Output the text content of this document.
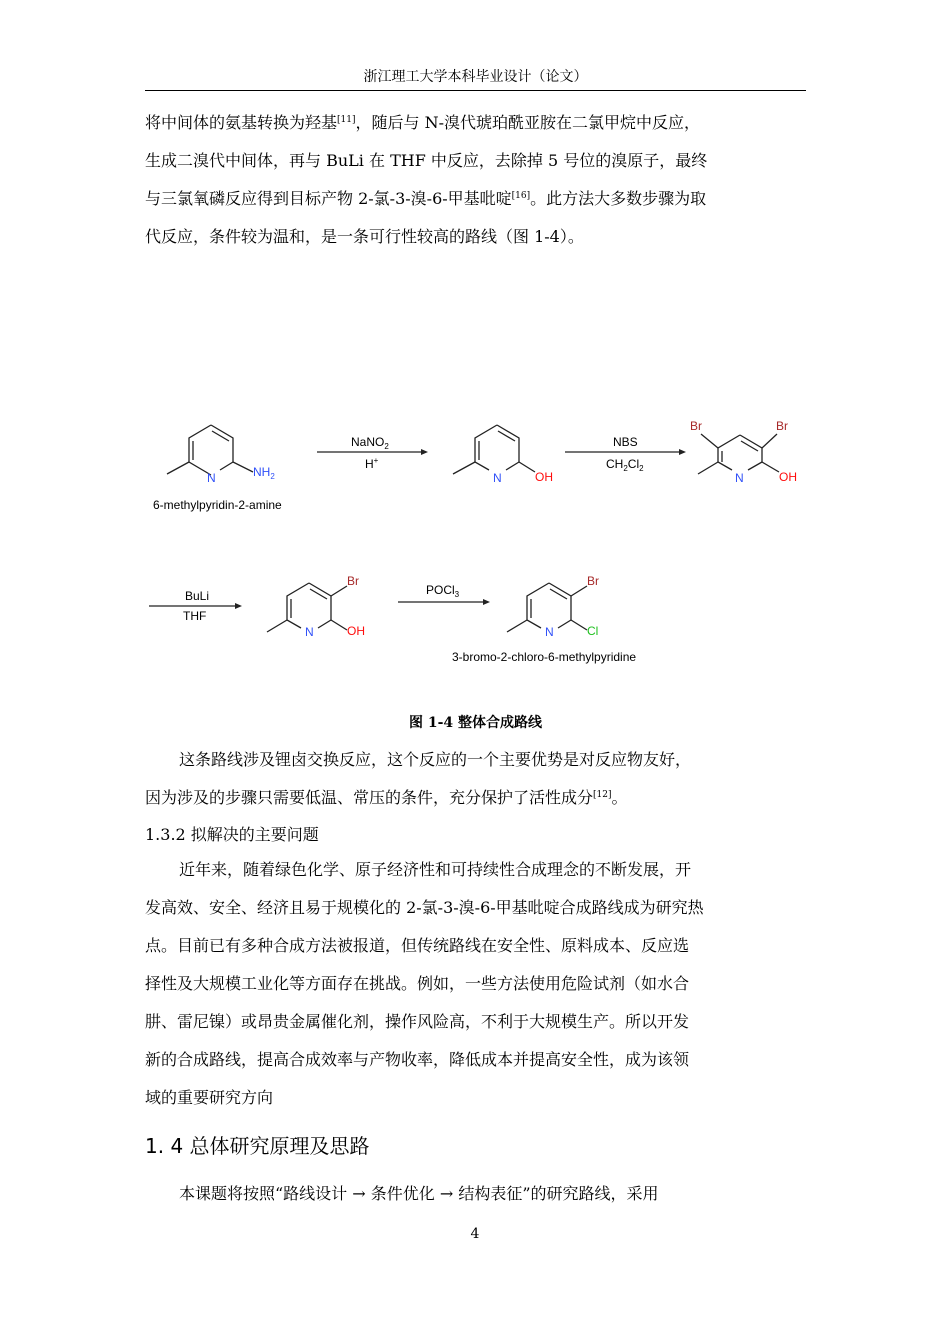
浙江理工大学本科毕业设计（论文）
将中间体的氨基转换为羟基[11]，随后与 N-溴代琥珀酰亚胺在二氯甲烷中反应，
生成二溴代中间体，再与 BuLi 在 THF 中反应，去除掉 5 号位的溴原子，最终
与三氯氧磷反应得到目标产物 2-氯-3-溴-6-甲基吡啶[16]。此方法大多数步骤为取
代反应，条件较为温和，是一条可行性较高的路线（图 1-4）。
N	$NH_2$	N	OH	N	OH
Br	Br
N	OH
Br
N	Cl
Br
NaNO$_2$
H+
NBS
$CH_2Cl_2$
BuLi
THF
POCl$_3$
6-methylpyridin-2-amine
3-bromo-2-chloro-6-methylpyridine
图 1-4 整体合成路线
这条路线涉及锂卤交换反应，这个反应的一个主要优势是对反应物友好，
因为涉及的步骤只需要低温、常压的条件，充分保护了活性成分[12]。
1.3.2 拟解决的主要问题
近年来，随着绿色化学、原子经济性和可持续性合成理念的不断发展，开
发高效、安全、经济且易于规模化的 2-氯-3-溴-6-甲基吡啶合成路线成为研究热
点。目前已有多种合成方法被报道，但传统路线在安全性、原料成本、反应选
择性及大规模工业化等方面存在挑战。例如，一些方法使用危险试剂（如水合
肼、雷尼镍）或昂贵金属催化剂，操作风险高，不利于大规模生产。所以开发
新的合成路线，提高合成效率与产物收率，降低成本并提高安全性，成为该领
域的重要研究方向
1. 4 总体研究原理及思路
本课题将按照“路线设计 → 条件优化 → 结构表征”的研究路线，采用
4
